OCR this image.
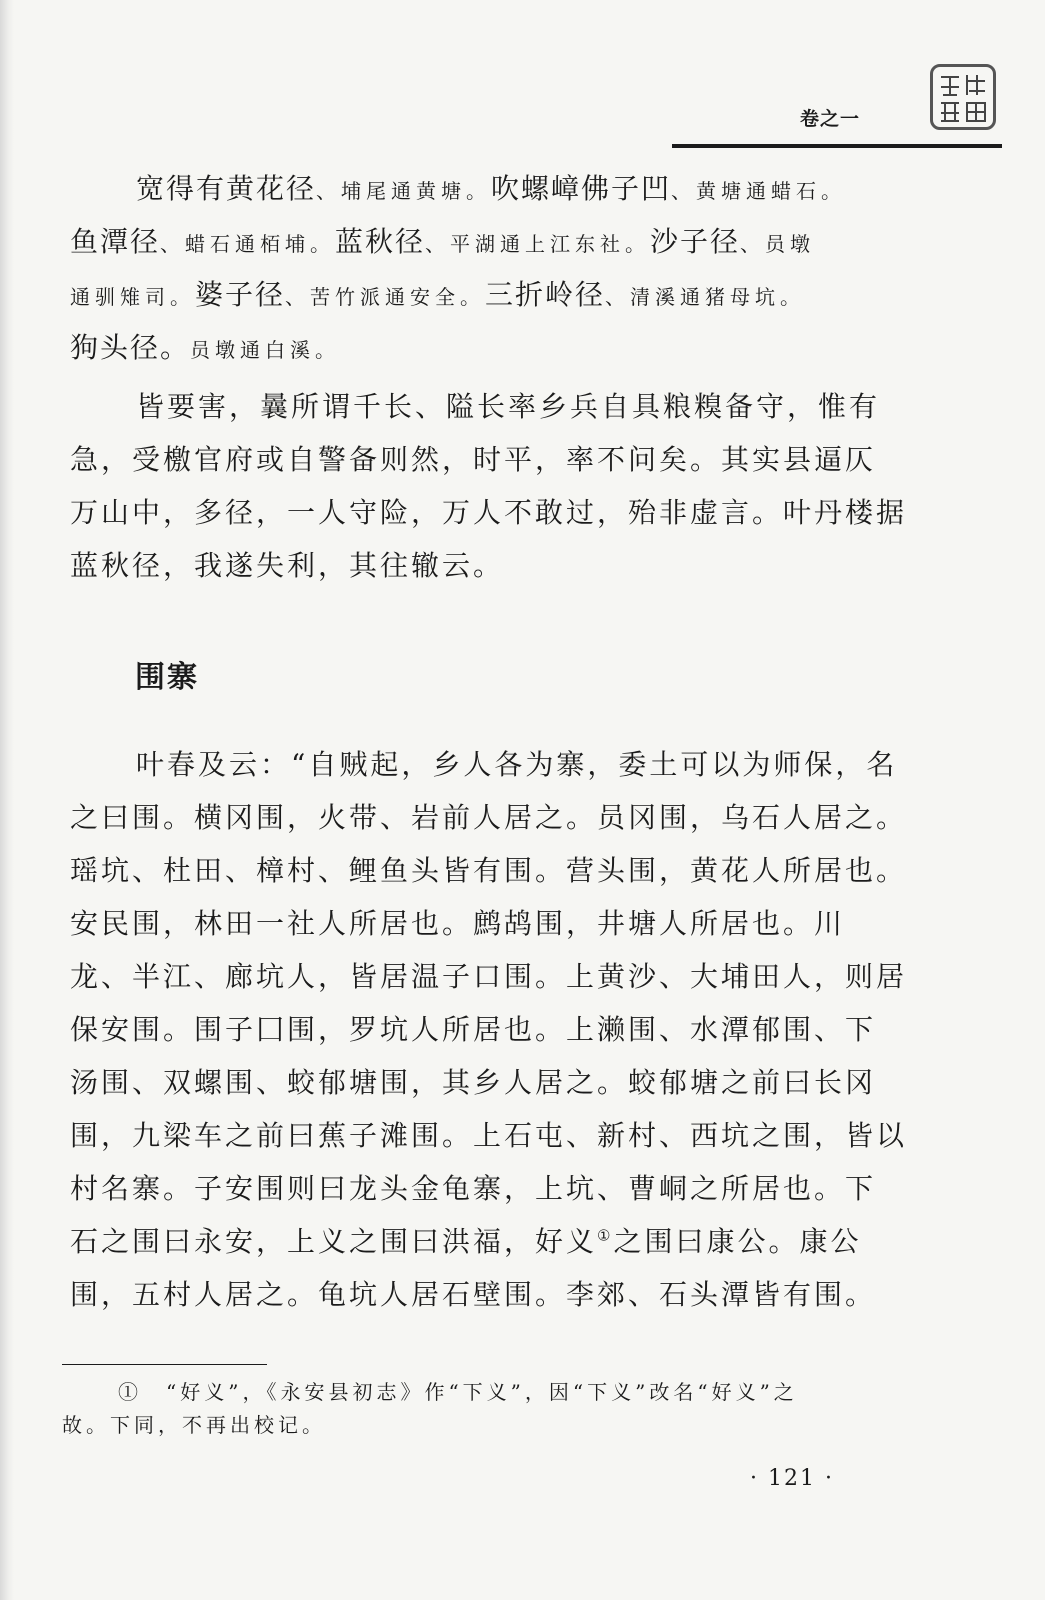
卷之一
宽得有黄花径、埔尾通黄塘。吹螺嶂佛子凹、黄塘通蜡石。
鱼潭径、蜡石通栢埔。蓝秋径、平湖通上江东社。沙子径、员墩
通驯雉司。婆子径、苦竹派通安全。三折岭径、清溪通猪母坑。
狗头径。员墩通白溪。
皆要害，曩所谓千长、隘长率乡兵自具粮糗备守，惟有
急，受檄官府或自警备则然，时平，率不问矣。其实县逼仄
万山中，多径，一人守险，万人不敢过，殆非虚言。叶丹楼据
蓝秋径，我遂失利，其往辙云。
围寨
叶春及云：“自贼起，乡人各为寨，委土可以为师保，名
之曰围。横冈围，火带、岩前人居之。员冈围，乌石人居之。
瑶坑、杜田、樟村、鲤鱼头皆有围。营头围，黄花人所居也。
安民围，林田一社人所居也。鹧鸪围，井塘人所居也。川
龙、半江、廊坑人，皆居温子口围。上黄沙、大埔田人，则居
保安围。围子囗围，罗坑人所居也。上濑围、水潭郁围、下
汤围、双螺围、蛟郁塘围，其乡人居之。蛟郁塘之前曰长冈
围，九梁车之前曰蕉子滩围。上石屯、新村、西坑之围，皆以
村名寨。子安围则曰龙头金龟寨，上坑、曹峒之所居也。下
石之围曰永安，上义之围曰洪福，好义①之围曰康公。康公
围，五村人居之。龟坑人居石壁围。李郊、石头潭皆有围。
①　“好义”，《永安县初志》作“下义”，因“下义”改名“好义”之
故。下同，不再出校记。
· 121 ·
